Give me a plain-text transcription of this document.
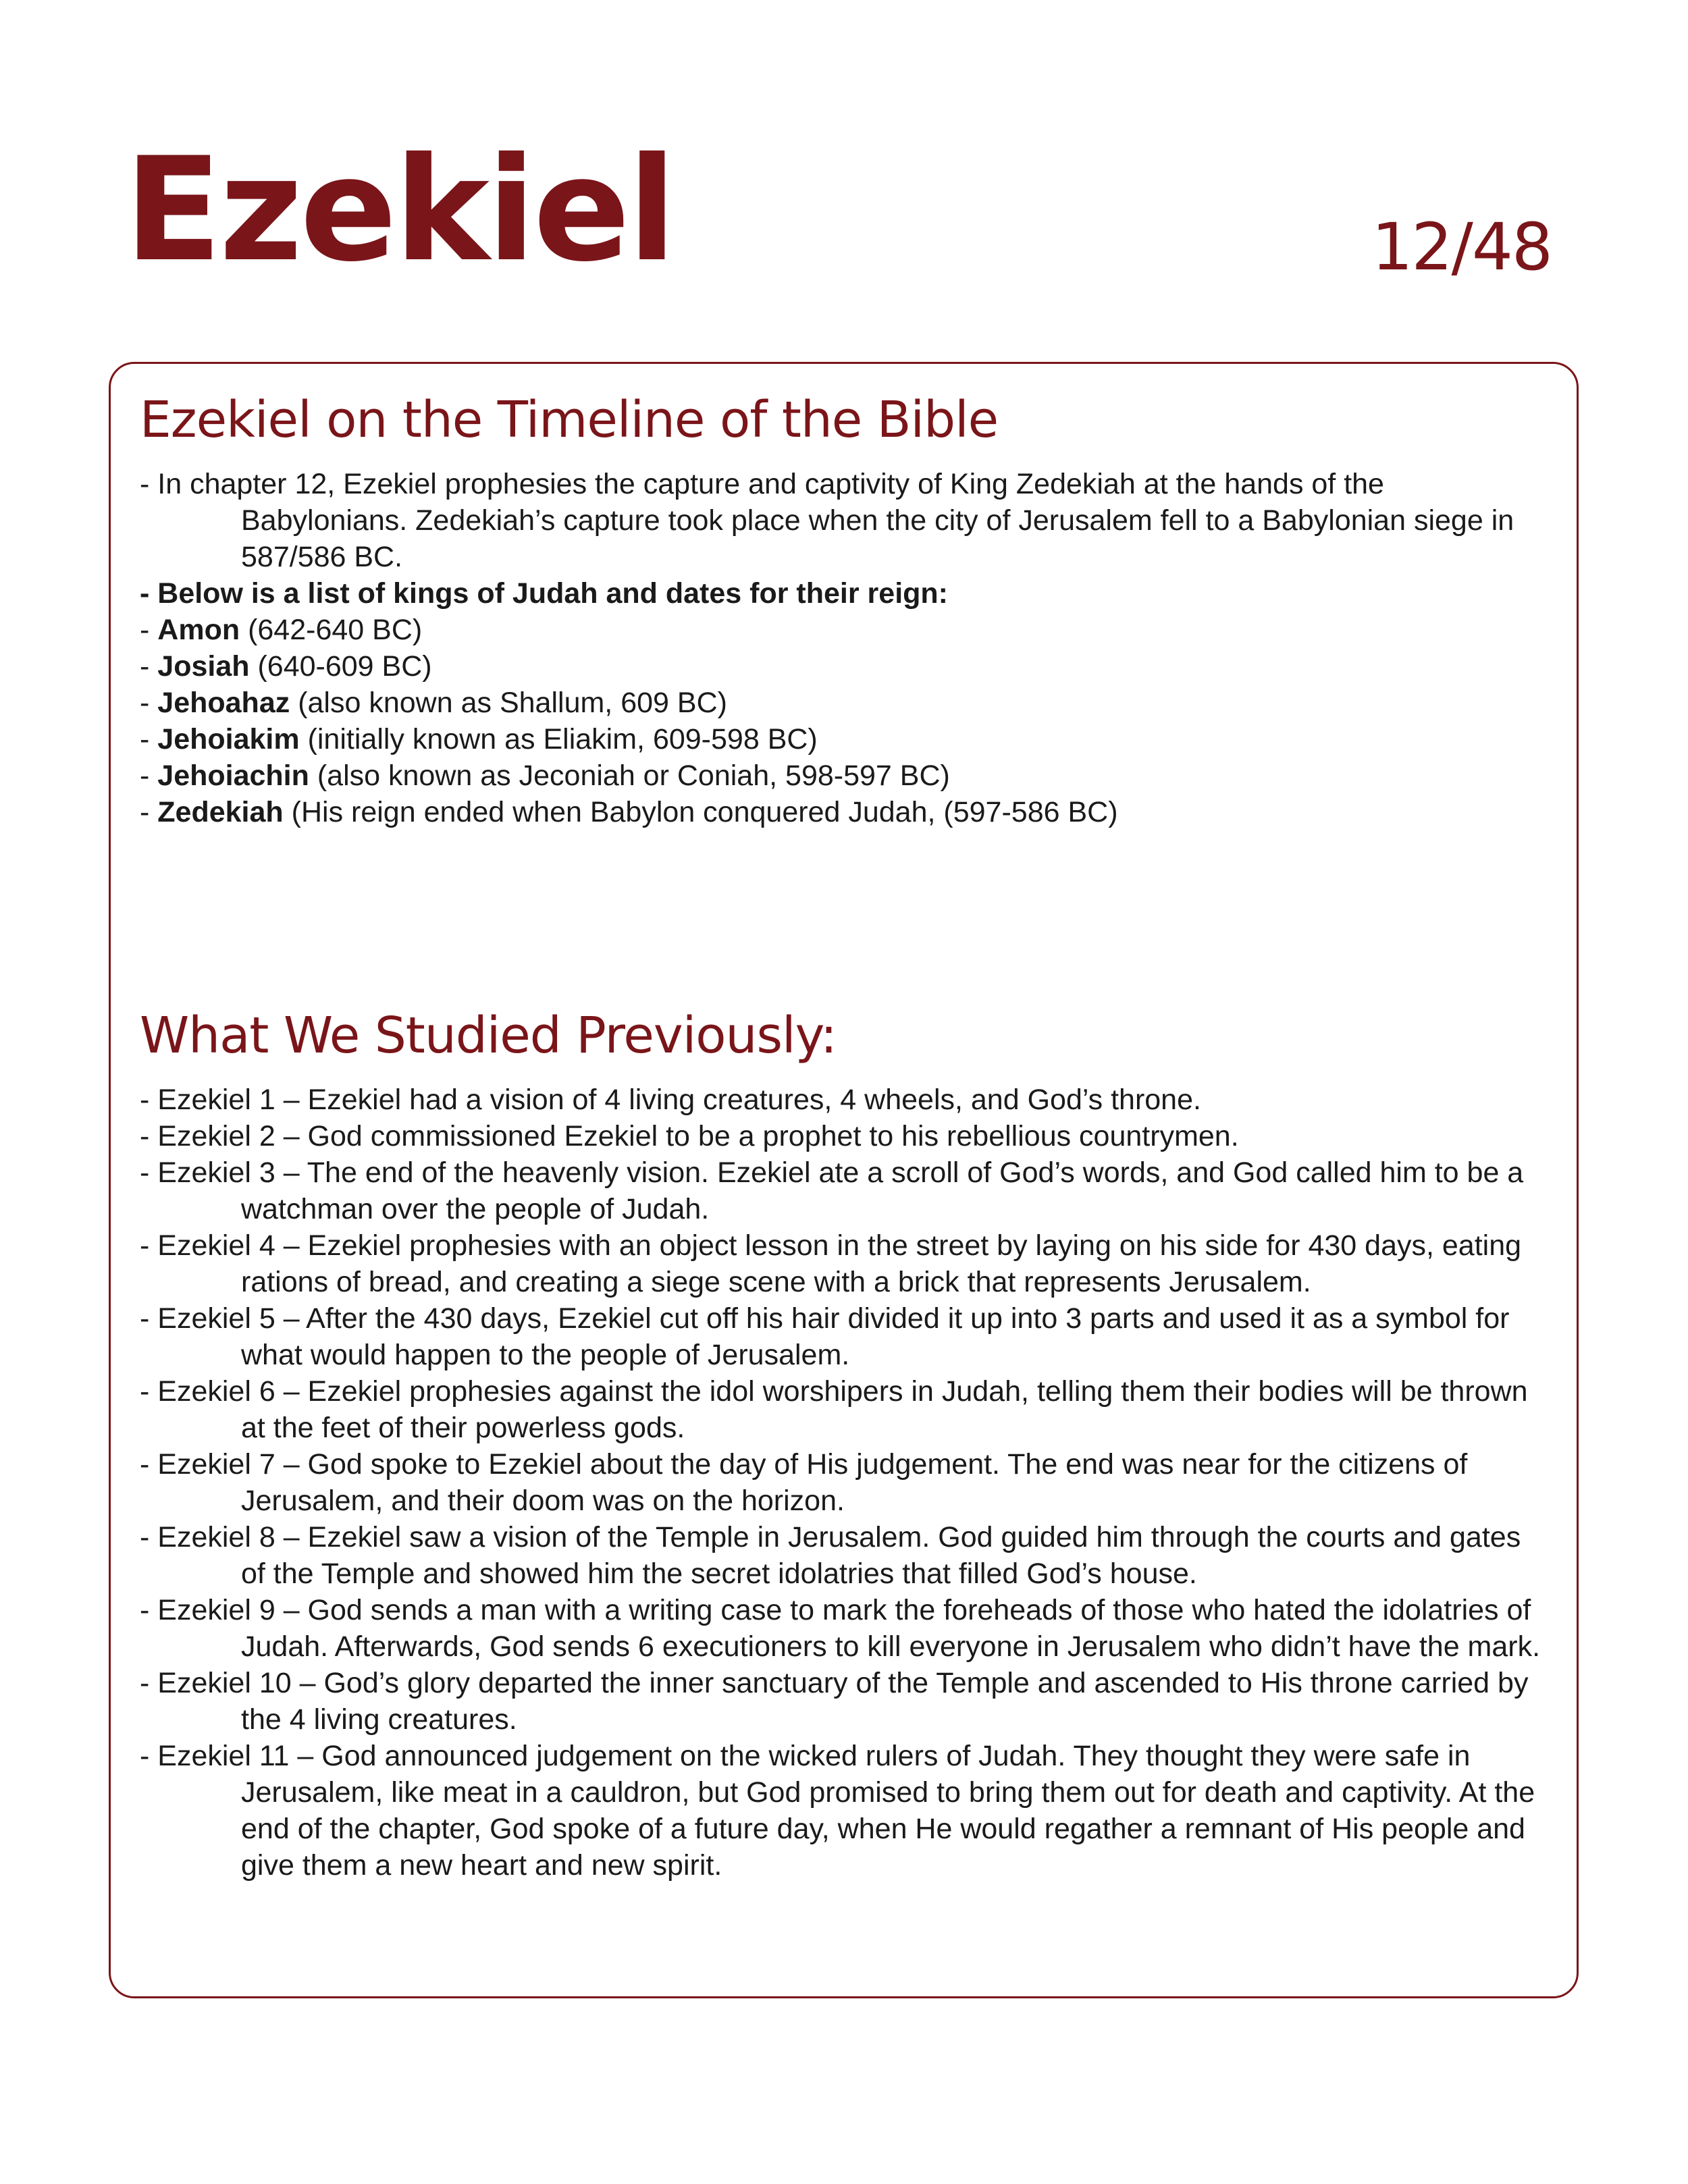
Ezekiel	12/48
Ezekiel on the Timeline of the Bible
- In chapter 12, Ezekiel prophesies the capture and captivity of King Zedekiah at the hands of the Babylonians. Zedekiah’s capture took place when the city of Jerusalem fell to a Babylonian siege in 587/586 BC.
- Below is a list of kings of Judah and dates for their reign:
- Amon (642-640 BC)
- Josiah (640-609 BC)
- Jehoahaz (also known as Shallum, 609 BC)
- Jehoiakim (initially known as Eliakim, 609-598 BC)
- Jehoiachin (also known as Jeconiah or Coniah, 598-597 BC)
- Zedekiah (His reign ended when Babylon conquered Judah, (597-586 BC)
What We Studied Previously:
- Ezekiel 1 – Ezekiel had a vision of 4 living creatures, 4 wheels, and God’s throne.
- Ezekiel 2 – God commissioned Ezekiel to be a prophet to his rebellious countrymen.
- Ezekiel 3 – The end of the heavenly vision. Ezekiel ate a scroll of God’s words, and God called him to be a watchman over the people of Judah.
- Ezekiel 4 – Ezekiel prophesies with an object lesson in the street by laying on his side for 430 days, eating rations of bread, and creating a siege scene with a brick that represents Jerusalem.
- Ezekiel 5 – After the 430 days, Ezekiel cut off his hair divided it up into 3 parts and used it as a symbol for what would happen to the people of Jerusalem.
- Ezekiel 6 – Ezekiel prophesies against the idol worshipers in Judah, telling them their bodies will be thrown at the feet of their powerless gods.
- Ezekiel 7 – God spoke to Ezekiel about the day of His judgement. The end was near for the citizens of Jerusalem, and their doom was on the horizon.
- Ezekiel 8 – Ezekiel saw a vision of the Temple in Jerusalem. God guided him through the courts and gates of the Temple and showed him the secret idolatries that filled God’s house.
- Ezekiel 9 – God sends a man with a writing case to mark the foreheads of those who hated the idolatries of Judah. Afterwards, God sends 6 executioners to kill everyone in Jerusalem who didn’t have the mark.
- Ezekiel 10 – God’s glory departed the inner sanctuary of the Temple and ascended to His throne carried by the 4 living creatures.
- Ezekiel 11 – God announced judgement on the wicked rulers of Judah. They thought they were safe in Jerusalem, like meat in a cauldron, but God promised to bring them out for death and captivity. At the end of the chapter, God spoke of a future day, when He would regather a remnant of His people and give them a new heart and new spirit.
